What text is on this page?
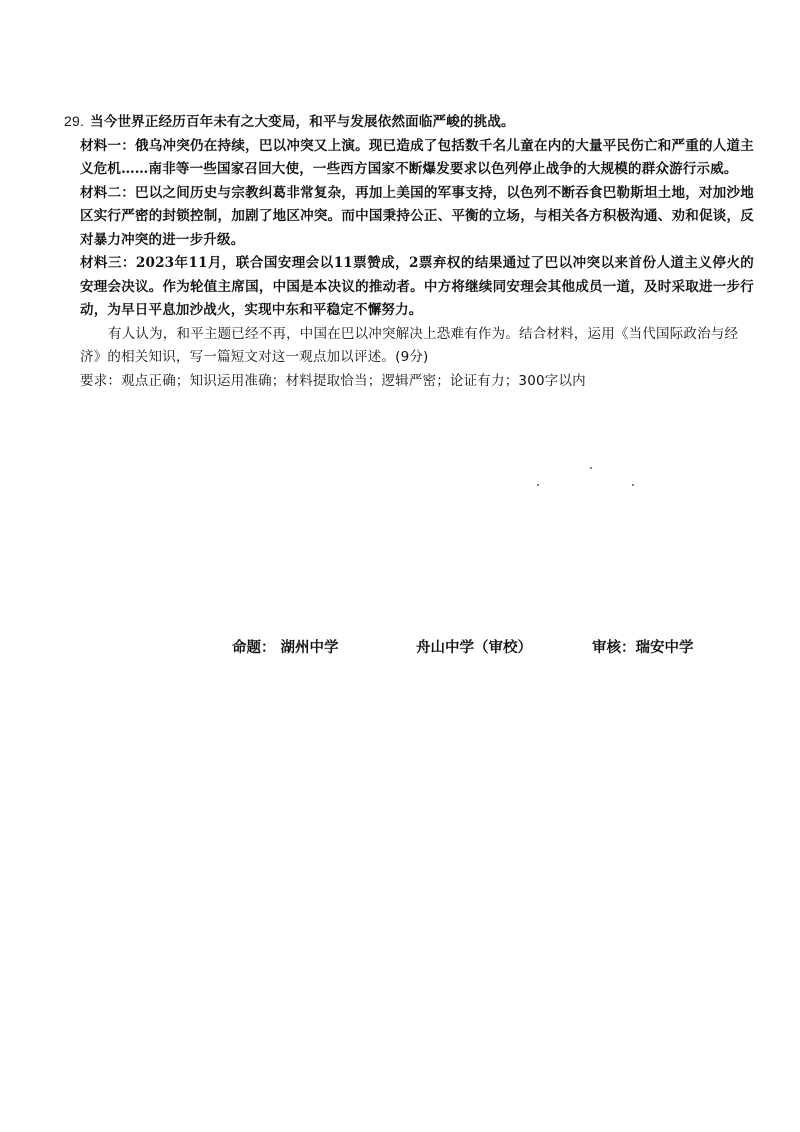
29. 当今世界正经历百年未有之大变局，和平与发展依然面临严峻的挑战。
材料一：俄乌冲突仍在持续，巴以冲突又上演。现已造成了包括数千名儿童在内的大量平民伤亡和严重的人道主义危机……南非等一些国家召回大使，一些西方国家不断爆发要求以色列停止战争的大规模的群众游行示威。
材料二：巴以之间历史与宗教纠葛非常复杂，再加上美国的军事支持，以色列不断吞食巴勒斯坦土地，对加沙地区实行严密的封锁控制，加剧了地区冲突。而中国秉持公正、平衡的立场，与相关各方积极沟通、劝和促谈，反对暴力冲突的进一步升级。
材料三：2023年11月，联合国安理会以11票赞成，2票弃权的结果通过了巴以冲突以来首份人道主义停火的安理会决议。作为轮值主席国，中国是本决议的推动者。中方将继续同安理会其他成员一道，及时采取进一步行动，为早日平息加沙战火，实现中东和平稳定不懈努力。
有人认为，和平主题已经不再，中国在巴以冲突解决上恐难有作为。结合材料，运用《当代国际政治与经济》的相关知识，写一篇短文对这一观点加以评述。(9分)
要求：观点正确；知识运用准确；材料提取恰当；逻辑严密；论证有力；300字以内
命题： 湖州中学	舟山中学（审校）	审核：瑞安中学
